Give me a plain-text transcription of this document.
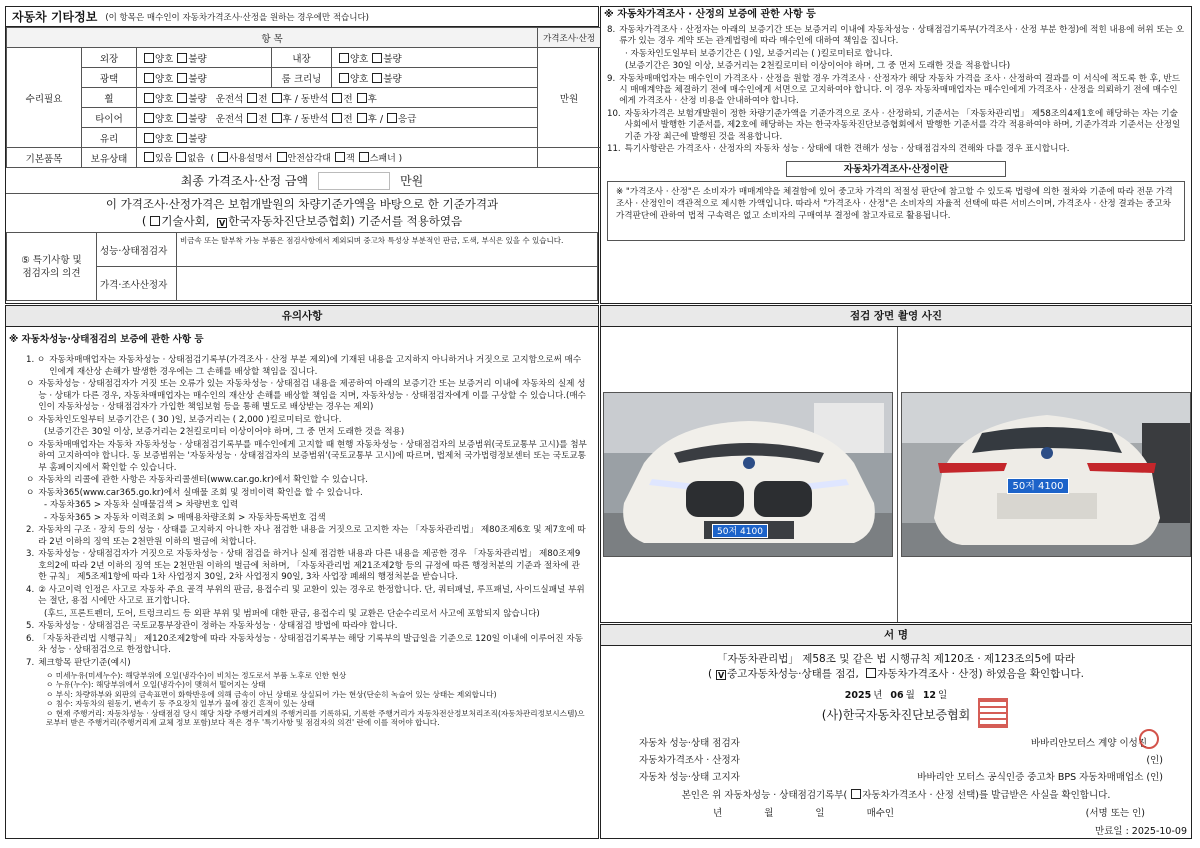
자동차 기타정보 (이 항목은 매수인이 자동차가격조사·산정을 원하는 경우에만 적습니다)
항 목					가격조사·산정
수리필요	외장	양호 불량	내장	양호 불량	만원
	광택	양호 불량	룸 크리닝	양호 불량	
	휠	양호 불량 운전석 전 후 / 동반석 전 후			
	타이어	양호 불량 운전석 전 후 / 동반석 전 후 / 응급			
	유리	양호 불량			
기본품목	보유상태	있음 없음 ( 사용설명서 안전삼각대 잭 스패너 )			
최종 가격조사·산정 금액	만원
이 가격조사·산정가격은 보험개발원의 차량기준가액을 바탕으로 한 기준가격과
( 기술사회, V 한국자동차진단보증협회) 기준서를 적용하였음
⑤ 특기사항 및
점검자의 의견	성능·상태점검자	비금속 또는 탈부착 가능 부품은 점검사항에서 제외되며 중고차 특성상 부분적인 판금, 도색, 부식은 있을 수 있습니다.
	가격·조사산정자	
※ 자동차가격조사 · 산정의 보증에 관한 사항 등
8. 자동차가격조사 · 산정자는 아래의 보증기간 또는 보증거리 이내에 자동차성능 · 상태점검기록부(가격조사 · 산정 부분 한정)에 적힌 내용에 허위 또는 오류가 있는 경우 계약 또는 관계법령에 따라 매수인에 대하여 책임을 집니다.
· 자동차인도일부터 보증기간은 ( )일, 보증거리는 ( )킬로미터로 합니다.
(보증기간은 30일 이상, 보증거리는 2천킬로미터 이상이어야 하며, 그 중 먼저 도래한 것을 적용합니다)
9. 자동차매매업자는 매수인이 가격조사 · 산정을 원할 경우 가격조사 · 산정자가 해당 자동차 가격을 조사 · 산정하여 결과를 이 서식에 적도록 한 후, 반드시 매매계약을 체결하기 전에 매수인에게 서면으로 고지하여야 합니다. 이 경우 자동차매매업자는 매수인에게 가격조사 · 산정을 의뢰하기 전에 매수인에게 가격조사 · 산정 비용을 안내하여야 합니다.
10. 자동차가격은 보험개발원이 정한 차량기준가액을 기준가격으로 조사 · 산정하되, 기준서는 「자동차관리법」 제58조의4제1호에 해당하는 자는 기술사회에서 발행한 기준서를, 제2호에 해당하는 자는 한국자동차진단보증협회에서 발행한 기준서를 각각 적용하여야 하며, 기준가격과 기준서는 산정일 기준 가장 최근에 발행된 것을 적용합니다.
11. 특기사항란은 가격조사 · 산정자의 자동차 성능 · 상태에 대한 견해가 성능 · 상태점검자의 견해와 다를 경우 표시합니다.
자동차가격조사·산정이란
※ "가격조사 · 산정"은 소비자가 매매계약을 체결함에 있어 중고차 가격의 적절성 판단에 참고할 수 있도록 법령에 의한 절차와 기준에 따라 전문 가격조사 · 산정인이 객관적으로 제시한 가액입니다. 따라서 "가격조사 · 산정"은 소비자의 자율적 선택에 따른 서비스이며, 가격조사 · 산정 결과는 중고차 가격판단에 관하여 법적 구속력은 없고 소비자의 구매여부 결정에 참고자료로 활용됩니다.
유의사항
※ 자동차성능·상태점검의 보증에 관한 사항 등
1. ㅇ 자동차매매업자는 자동차성능 · 상태점검기록부(가격조사 · 산정 부분 제외)에 기재된 내용을 고지하지 아니하거나 거짓으로 고지함으로써 매수인에게 재산상 손해가 발생한 경우에는 그 손해를 배상할 책임을 집니다.
ㅇ 자동차성능 · 상태점검자가 거짓 또는 오류가 있는 자동차성능 · 상태점검 내용을 제공하여 아래의 보증기간 또는 보증거리 이내에 자동차의 실제 성능 · 상태가 다른 경우, 자동차매매업자는 매수인의 재산상 손해를 배상할 책임을 지며, 자동차성능 · 상태점검자에게 이를 구상할 수 있습니다.(매수인이 자동차성능 · 상태점검자가 가입한 책임보험 등을 통해 별도로 배상받는 경우는 제외)
ㅇ 자동차인도일부터 보증기간은 ( 30 )일, 보증거리는 ( 2,000 )킬로미터로 합니다.
(보증기간은 30일 이상, 보증거리는 2천킬로미터 이상이어야 하며, 그 중 먼저 도래한 것을 적용)
ㅇ 자동차매매업자는 자동차 자동차성능 · 상태점검기록부를 매수인에게 고지할 때 현행 자동차성능 · 상태점검자의 보증범위(국토교통부 고시)를 첨부하여 고지하여야 합니다. 동 보증범위는 '자동차성능 · 상태점검자의 보증범위'(국토교통부 고시)에 따르며, 법제처 국가법령정보센터 또는 국토교통부 홈페이지에서 확인할 수 있습니다.
ㅇ 자동차의 리콜에 관한 사항은 자동차리콜센터(www.car.go.kr)에서 확인할 수 있습니다.
ㅇ 자동차365(www.car365.go.kr)에서 실매물 조회 및 정비이력 확인을 할 수 있습니다.
- 자동차365 > 자동차 실매물검색 > 차량번호 입력
- 자동차365 > 자동차 이력조회 > 매매용차량조회 > 자동차등록번호 검색
2. 자동차의 구조 · 장치 등의 성능 · 상태를 고지하지 아니한 자나 점검한 내용을 거짓으로 고지한 자는 「자동차관리법」 제80조제6호 및 제7호에 따라 2년 이하의 징역 또는 2천만원 이하의 벌금에 처합니다.
3. 자동차성능 · 상태점검자가 거짓으로 자동차성능 · 상태 점검을 하거나 실제 점검한 내용과 다른 내용을 제공한 경우 「자동차관리법」 제80조제9호의2에 따라 2년 이하의 징역 또는 2천만원 이하의 벌금에 처하며, 「자동차관리법 제21조제2항 등의 규정에 따른 행정처분의 기준과 절차에 관한 규칙」 제5조제1항에 따라 1차 사업정지 30일, 2차 사업정지 90일, 3차 사업장 폐쇄의 행정처분을 받습니다.
4. ② 사고이력 인정은 사고로 자동차 주요 골격 부위의 판금, 용접수리 및 교환이 있는 경우로 한정합니다. 단, 쿼터패널, 루프패널, 사이드실패널 부위는 절단, 용접 시에만 사고로 표기합니다.
(후드, 프론트펜더, 도어, 트렁크리드 등 외판 부위 및 범퍼에 대한 판금, 용접수리 및 교환은 단순수리로서 사고에 포함되지 않습니다)
5. 자동차성능 · 상태점검은 국토교통부장관이 정하는 자동차성능 · 상태점검 방법에 따라야 합니다.
6. 「자동차관리법 시행규칙」 제120조제2항에 따라 자동차성능 · 상태점검기록부는 해당 기록부의 발급일을 기준으로 120일 이내에 이루어진 자동차 성능 · 상태점검으로 한정합니다.
7. 체크항목 판단기준(예시)
ㅇ 미세누유(미세누수): 해당부위에 오일(냉각수)이 비치는 정도로서 부품 노후로 인한 현상
ㅇ 누유(누수): 해당부위에서 오일(냉각수)이 맺혀서 떨어지는 상태
ㅇ 부식: 차량하부와 외판의 금속표면이 화학반응에 의해 금속이 아닌 상태로 상실되어 가는 현상(단순히 녹슬어 있는 상태는 제외합니다)
ㅇ 침수: 자동차의 원동기, 변속기 등 주요장치 일부가 물에 잠긴 흔적이 있는 상태
ㅇ 현재 주행거리: 자동차성능 · 상태점검 당시 해당 차량 주행거리계의 주행거리를 기록하되, 기록한 주행거리가 자동차전산정보처리조직(자동차관리정보시스템)으로부터 받은 주행거리(주행거리계 교체 정보 포함)보다 적은 경우 '특기사항 및 점검자의 의견' 란에 이를 적어야 합니다.
점검 장면 촬영 사진
50저 4100
50저 4100
서 명
「자동차관리법」 제58조 및 같은 법 시행규칙 제120조 · 제123조의5에 따라
( V 중고자동차성능·상태를 점검, 자동차가격조사 · 산정) 하였음을 확인합니다.
2025 년 06 월 12 일
(사)한국자동차진단보증협회
자동차 성능·상태 점검자	바바리안모터스 계양 이성진
자동차가격조사 · 산정자	(인)
자동차 성능·상태 고지자	바바리안 모터스 공식인증 중고차 BPS 자동차매매업소 (인)
본인은 위 자동차성능 · 상태점검기록부( 자동차가격조사 · 산정 선택)를 발급받은 사실을 확인합니다.
년	월	일	매수인	(서명 또는 인)
만료일 : 2025-10-09
